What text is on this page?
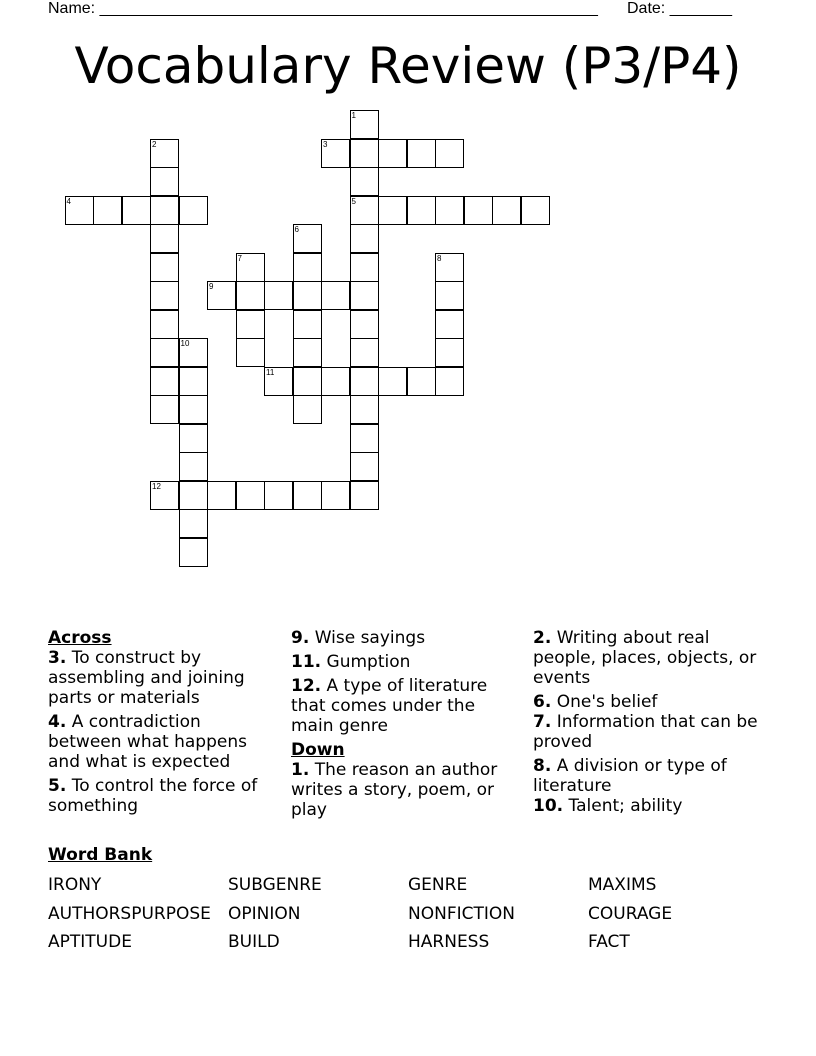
Name: ________________________________________________________ Date: _______
Vocabulary Review (P3/P4)
1
5
2	3
4
6
7	8
9
10
11
12

Across

3. To construct by assembling and joining parts or materials

4. A contradiction between what happens and what is expected

5. To control the force of something

9. Wise sayings

11. Gumption

12. A type of literature that comes under the main genre

Down

1. The reason an author writes a story, poem, or play

2. Writing about real people, places, objects, or events

6. One's belief

7. Information that can be proved

8. A division or type of literature

10. Talent; ability

Word Bank
IRONY	SUBGENRE	GENRE	MAXIMS
AUTHORSPURPOSE OPINION	NONFICTION	COURAGE
APTITUDE	BUILD	HARNESS	FACT
